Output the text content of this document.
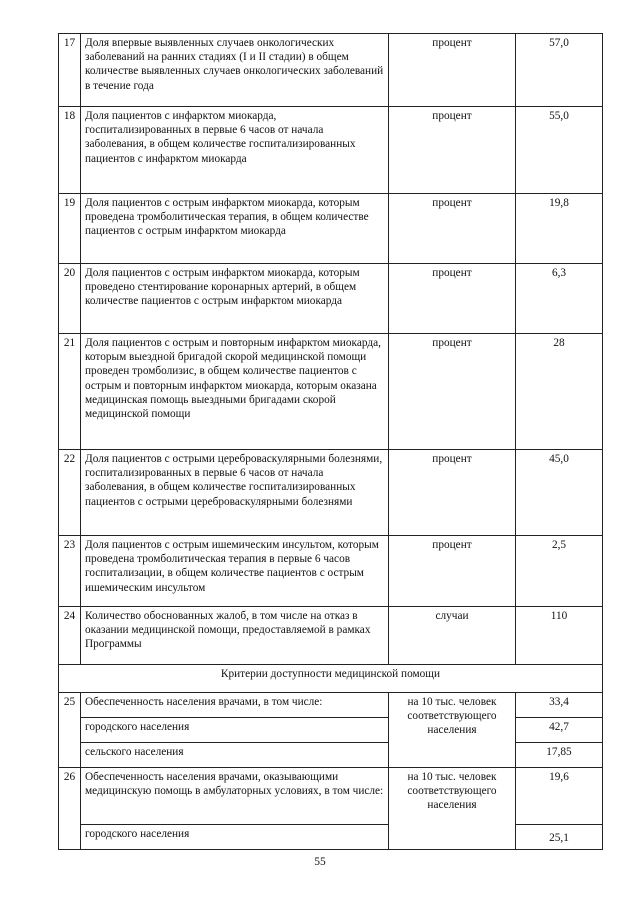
17	Доля впервые выявленных случаев онкологических заболеваний на ранних стадиях (I и II стадии) в общем количестве выявленных случаев онкологических заболеваний в течение года	процент	57,0
18	Доля пациентов с инфарктом миокарда, госпитализированных в первые 6 часов от начала заболевания, в общем количестве госпитализированных пациентов с инфарктом миокарда	процент	55,0
19	Доля пациентов с острым инфарктом миокарда, которым проведена тромболитическая терапия, в общем количестве пациентов с острым инфарктом миокарда	процент	19,8
20	Доля пациентов с острым инфарктом миокарда, которым проведено стентирование коронарных артерий, в общем количестве пациентов с острым инфарктом миокарда	процент	6,3
21	Доля пациентов с острым и повторным инфарктом миокарда, которым выездной бригадой скорой медицинской помощи проведен тромболизис, в общем количестве пациентов с острым и повторным инфарктом миокарда, которым оказана медицинская помощь выездными бригадами скорой медицинской помощи	процент	28
22	Доля пациентов с острыми цереброваскулярными болезнями, госпитализированных в первые 6 часов от начала заболевания, в общем количестве госпитализированных пациентов с острыми цереброваскулярными болезнями	процент	45,0
23	Доля пациентов с острым ишемическим инсультом, которым проведена тромболитическая терапия в первые 6 часов госпитализации, в общем количестве пациентов с острым ишемическим инсультом	процент	2,5
24	Количество обоснованных жалоб, в том числе на отказ в оказании медицинской помощи, предоставляемой в рамках Программы	случаи	110
Критерии доступности медицинской помощи			
25	Обеспеченность населения врачами, в том числе:	на 10 тыс. человек соответствующего населения	33,4
	городского населения		42,7
	сельского населения		17,85
26	Обеспеченность населения врачами, оказывающими медицинскую помощь в амбулаторных условиях, в том числе:	на 10 тыс. человек соответствующего населения	19,6
	городского населения		25,1
55
